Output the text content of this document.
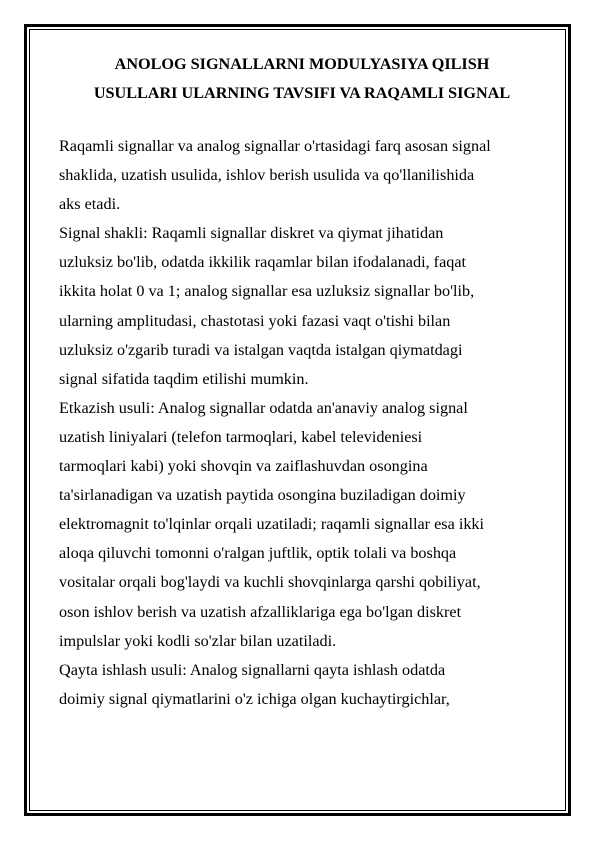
ANOLOG SIGNALLARNI MODULYASIYA QILISH
USULLARI ULARNING TAVSIFI VA RAQAMLI SIGNAL
Raqamli signallar va analog signallar o'rtasidagi farq asosan signal
shaklida, uzatish usulida, ishlov berish usulida va qo'llanilishida
aks etadi.
Signal shakli: Raqamli signallar diskret va qiymat jihatidan
uzluksiz bo'lib, odatda ikkilik raqamlar bilan ifodalanadi, faqat
ikkita holat 0 va 1; analog signallar esa uzluksiz signallar bo'lib,
ularning amplitudasi, chastotasi yoki fazasi vaqt o'tishi bilan
uzluksiz o'zgarib turadi va istalgan vaqtda istalgan qiymatdagi
signal sifatida taqdim etilishi mumkin.
Etkazish usuli: Analog signallar odatda an'anaviy analog signal
uzatish liniyalari (telefon tarmoqlari, kabel televideniesi
tarmoqlari kabi) yoki shovqin va zaiflashuvdan osongina
ta'sirlanadigan va uzatish paytida osongina buziladigan doimiy
elektromagnit to'lqinlar orqali uzatiladi; raqamli signallar esa ikki
aloqa qiluvchi tomonni o'ralgan juftlik, optik tolali va boshqa
vositalar orqali bog'laydi va kuchli shovqinlarga qarshi qobiliyat,
oson ishlov berish va uzatish afzalliklariga ega bo'lgan diskret
impulslar yoki kodli so'zlar bilan uzatiladi.
Qayta ishlash usuli: Analog signallarni qayta ishlash odatda
doimiy signal qiymatlarini o'z ichiga olgan kuchaytirgichlar,
